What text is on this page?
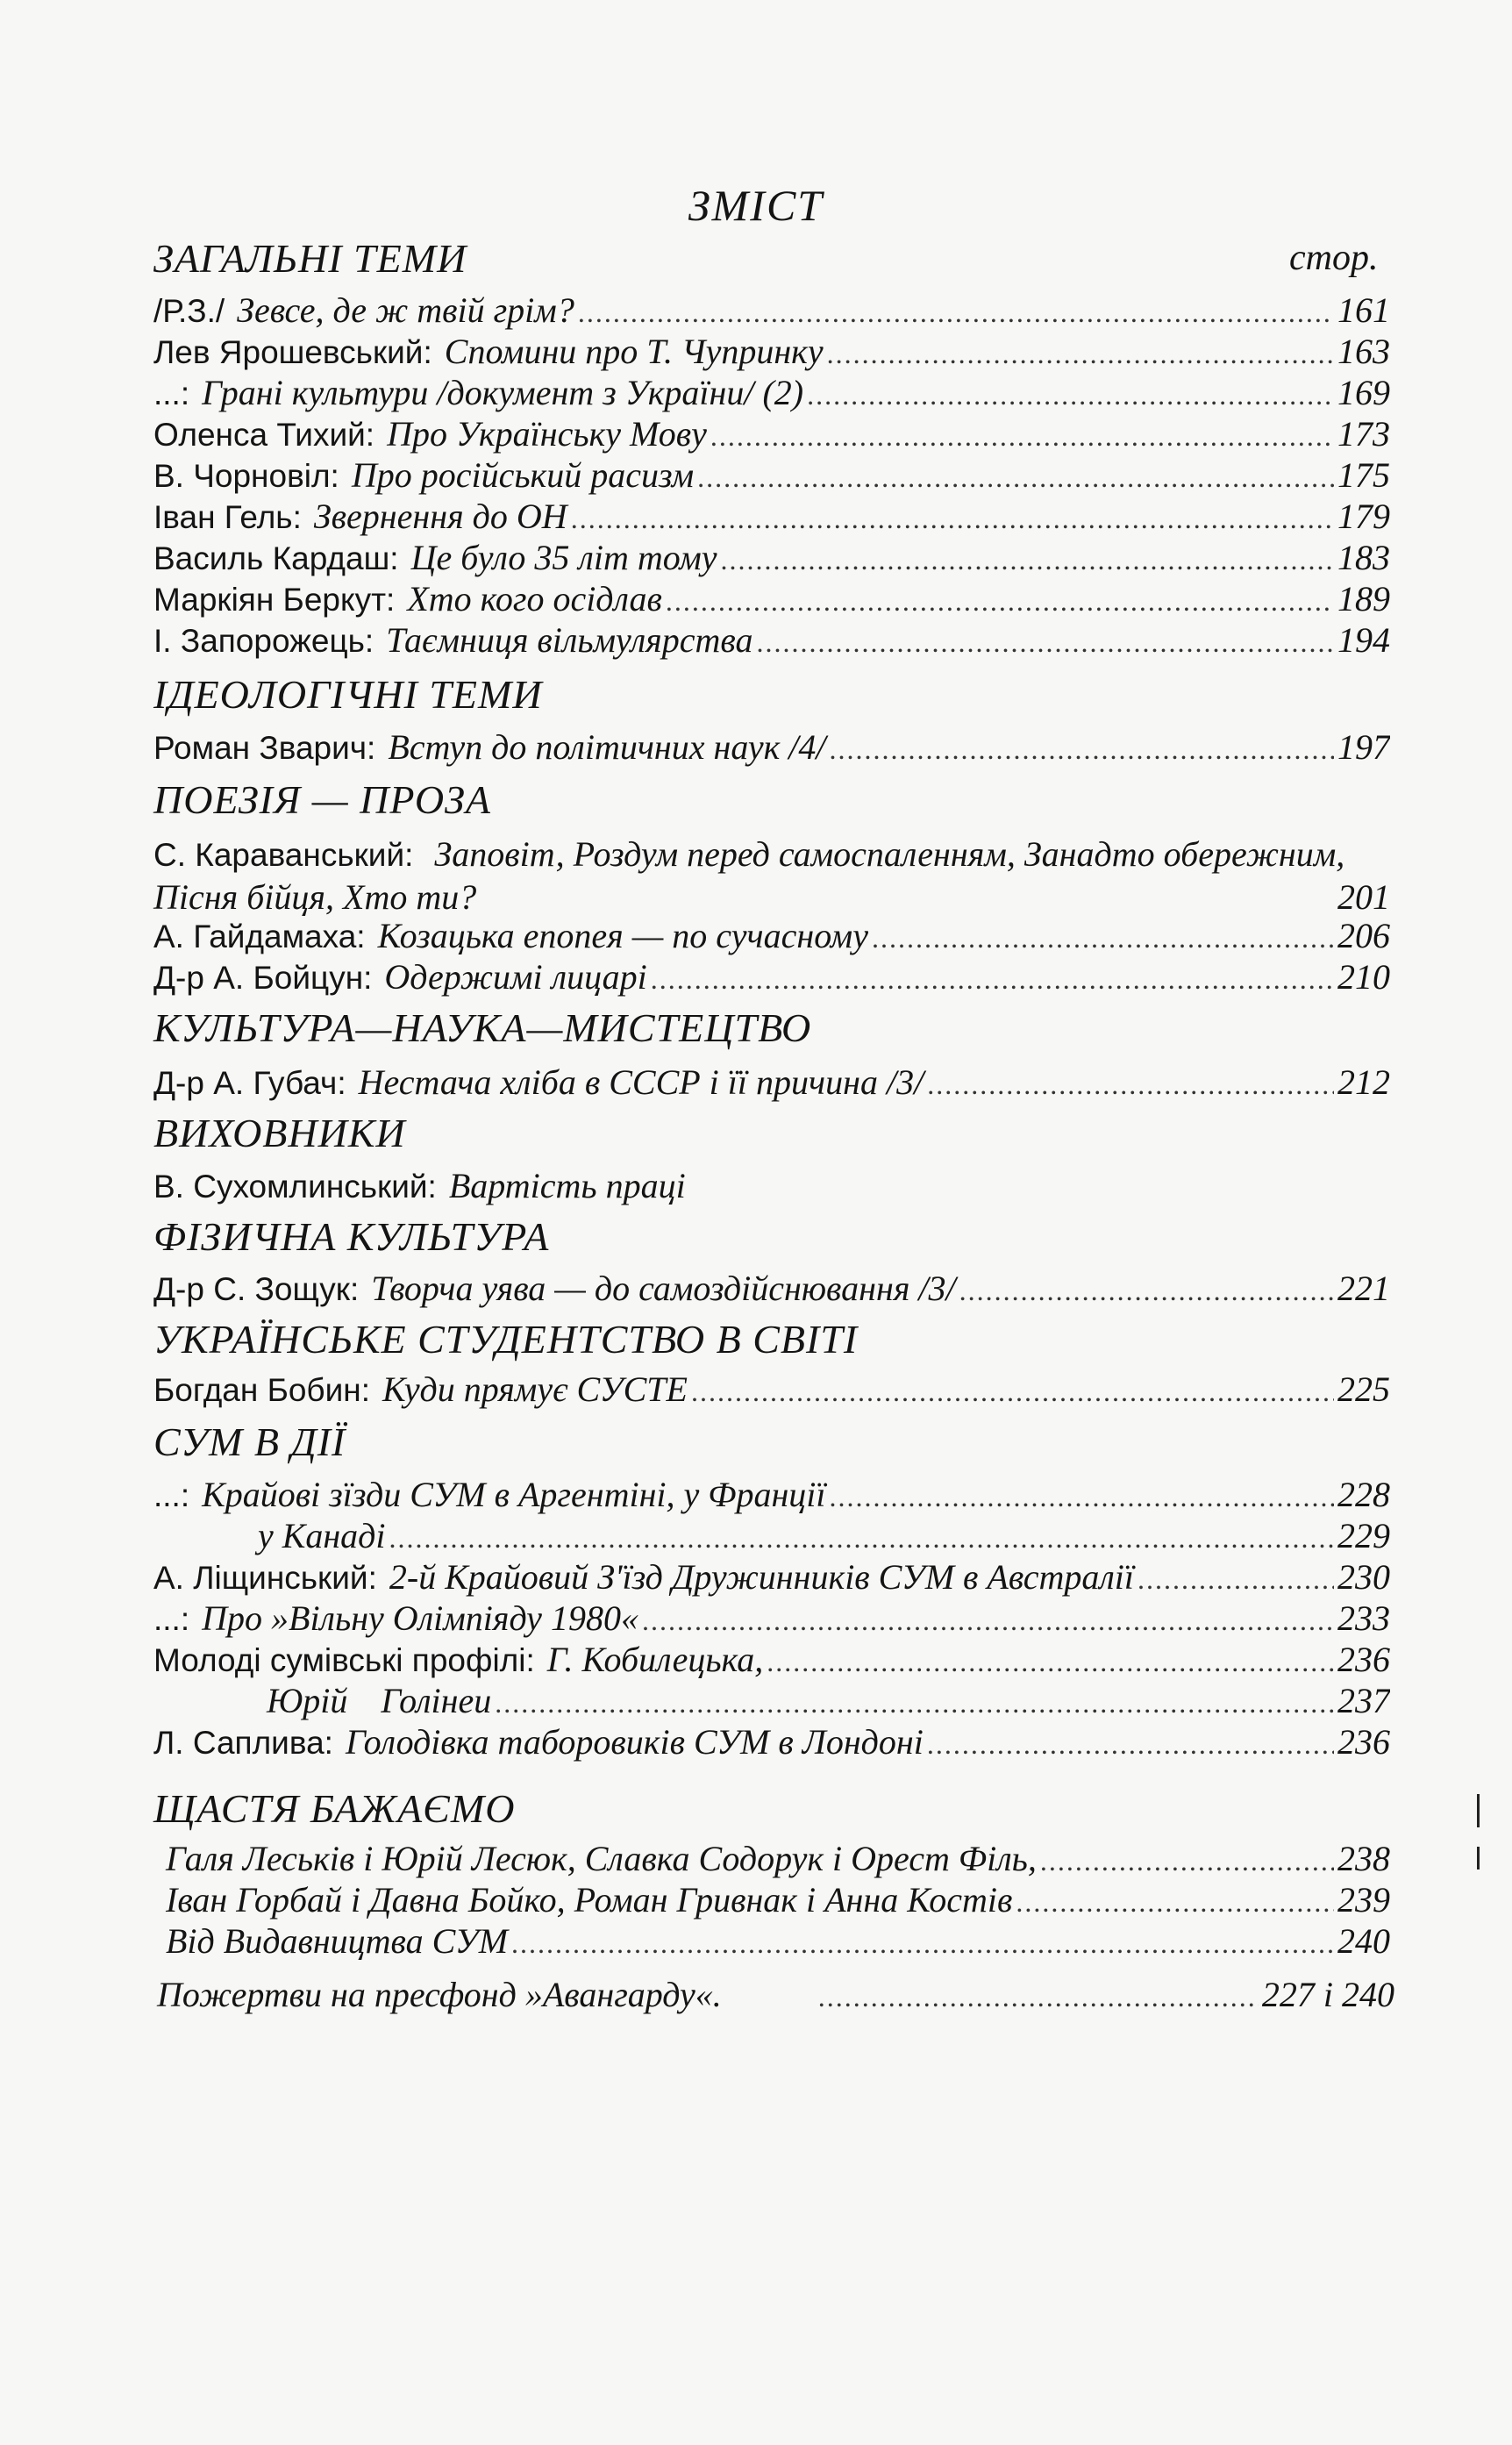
ЗМІСТ
ЗАГАЛЬНІ ТЕМИ	стор.
/Р.З./ Зевсе, де ж твій грім? .....	161
Лев Ярошевський: Спомини про Т. Чупринку .....	163
...: Грані культури /документ з України/ (2) .....	169
Оленса Тихий: Про Українську Мову .....	173
В. Чорновіл: Про російський расизм .....	175
Іван Гель: Звернення до ОН .....	179
Василь Кардаш: Це було 35 літ тому .....	183
Маркіян Беркут: Хто кого осідлав .....	189
І. Запорожець: Таємниця вільмулярства .....	194
ІДЕОЛОГІЧНІ ТЕМИ
Роман Зварич: Вступ до політичних наук /4/ .....	197
ПОЕЗІЯ — ПРОЗА
С. Караванський: Заповіт, Роздум перед самоспаленням, Занадто обережним, Пісня бійця, Хто ти?	201
А. Гайдамаха: Козацька епопея — по сучасному .....	206
Д-р А. Бойцун: Одержимі лицарі .....	210
КУЛЬТУРА—НАУКА—МИСТЕЦТВО
Д-р А. Губач: Нестача хліба в СССР і її причина /3/ .....	212
ВИХОВНИКИ
В. Сухомлинський: Вартість праці
ФІЗИЧНА КУЛЬТУРА
Д-р С. Зощук: Творча уява — до самоздійснювання /3/ .....	221
УКРАЇНСЬКЕ СТУДЕНТСТВО В СВІТІ
Богдан Бобин: Куди прямує СУСТЕ .....	225
СУМ В ДІЇ
...: Крайові зїзди СУМ в Аргентіні, у Франції .....	228
у Канаді .....	229
А. Ліщинський: 2-й Крайовий З'їзд Дружинників СУМ в Австралії .....	230
...: Про »Вільну Олімпіяду 1980« .....	233
Молоді сумівські профілі: Г. Кобилецька, .....	236
Юрій Голінеи .....	237
Л. Саплива: Голодівка таборовиків СУМ в Лондоні .....	236
ЩАСТЯ БАЖАЄМО
Галя Леськів і Юрій Лесюк, Славка Содорук і Орест Філь, .....	238
Іван Горбай і Давна Бойко, Роман Гривнак і Анна Костів .....	239
Від Видавництва СУМ .....	240
Пожертви на пресфонд »Авангарду«. .....	227 і 240
